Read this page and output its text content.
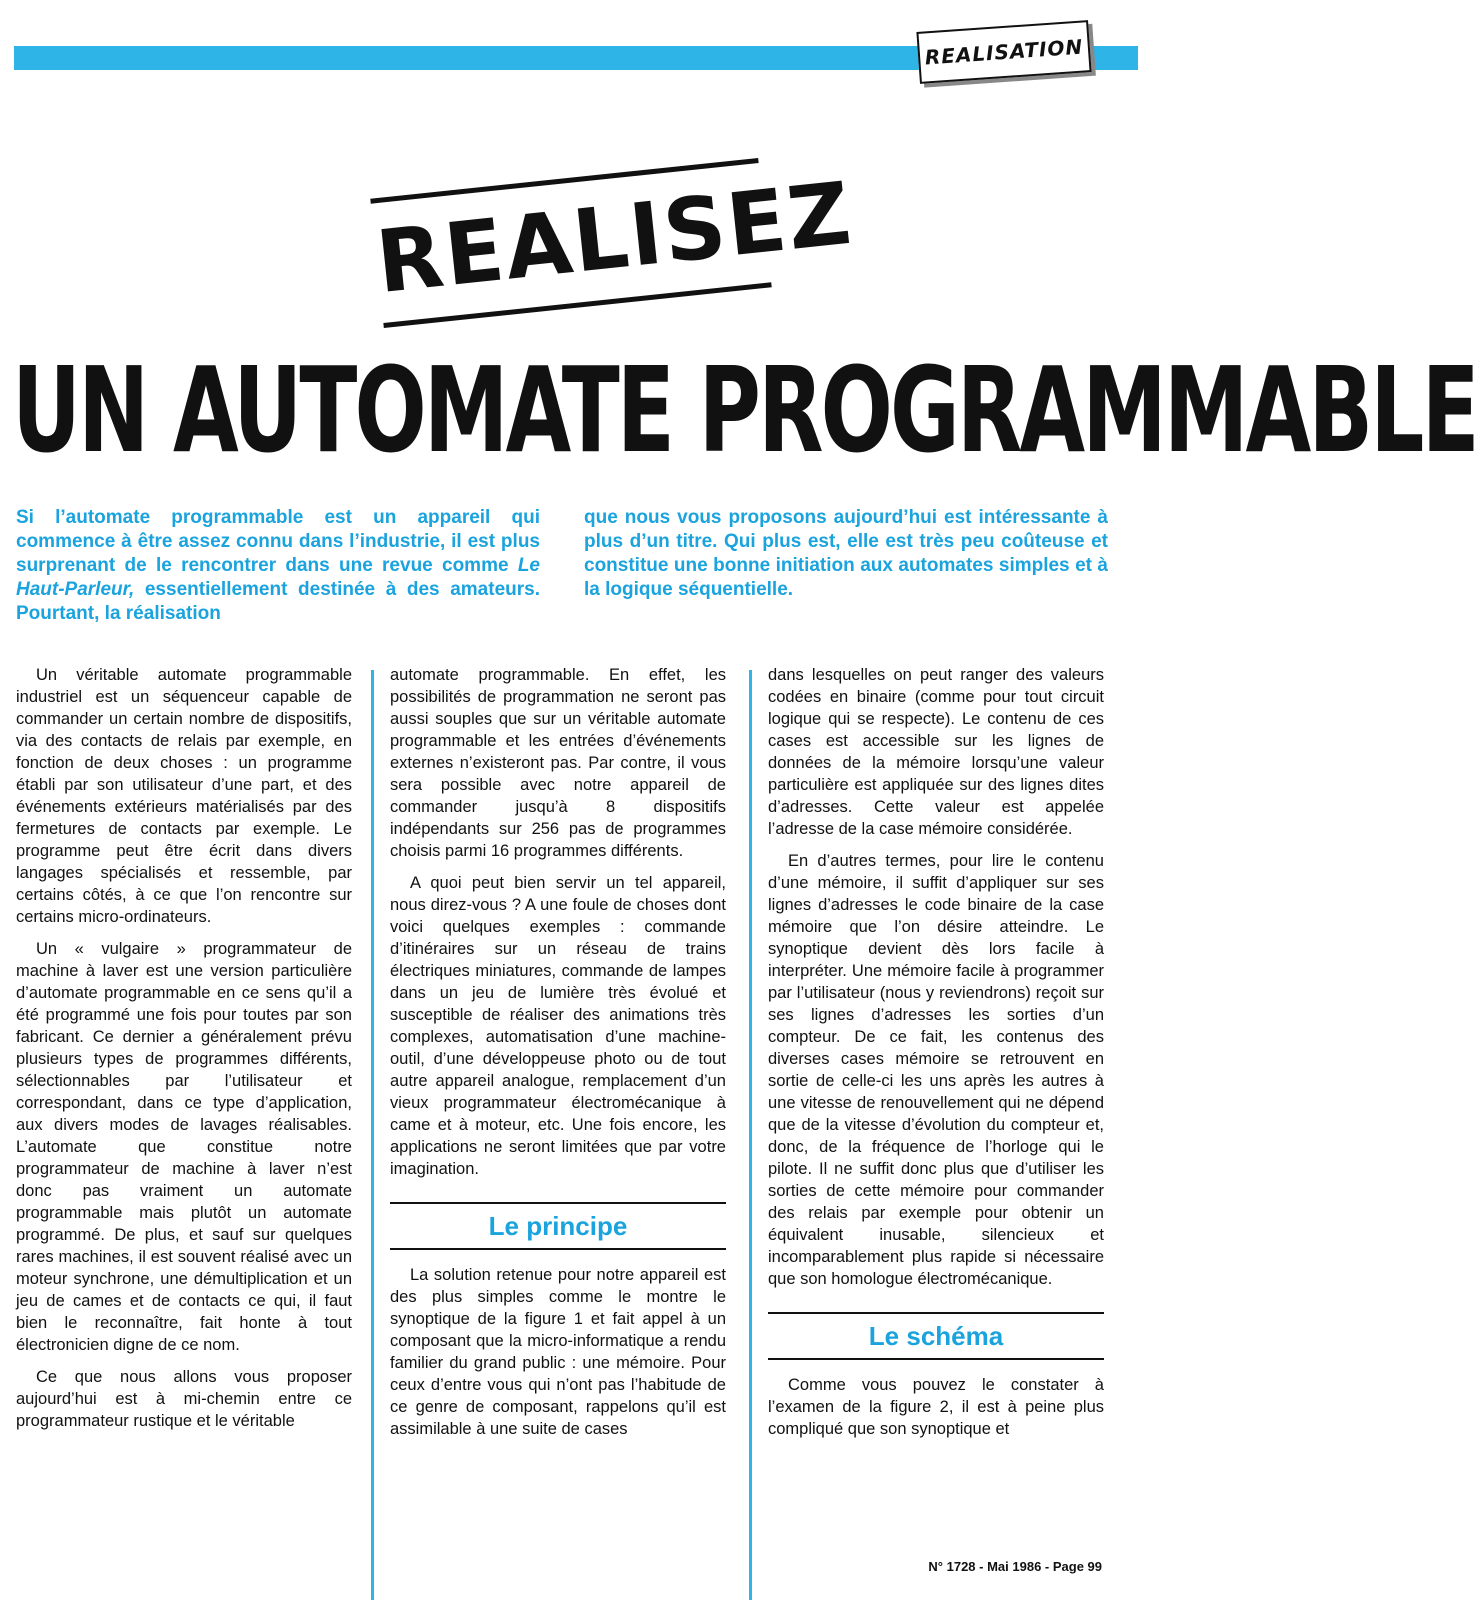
REALISATION
REALISEZ
UN AUTOMATE PROGRAMMABLE
Si l’automate programmable est un appareil qui commence à être assez connu dans l’industrie, il est plus surprenant de le rencontrer dans une revue comme Le Haut-Parleur, essentiellement destinée à des amateurs. Pourtant, la réalisation
que nous vous proposons aujourd’hui est intéressante à plus d’un titre. Qui plus est, elle est très peu coûteuse et constitue une bonne initiation aux automates simples et à la logique séquentielle.

Un véritable automate programmable industriel est un séquenceur capable de commander un certain nombre de dispositifs, via des contacts de relais par exemple, en fonction de deux choses : un programme établi par son utilisateur d’une part, et des événements extérieurs matérialisés par des fermetures de contacts par exemple. Le programme peut être écrit dans divers langages spécialisés et ressemble, par certains côtés, à ce que l’on rencontre sur certains micro-ordinateurs.

Un « vulgaire » programmateur de machine à laver est une version particulière d’automate programmable en ce sens qu’il a été programmé une fois pour toutes par son fabricant. Ce dernier a généralement prévu plusieurs types de programmes différents, sélectionnables par l’utilisateur et correspondant, dans ce type d’application, aux divers modes de lavages réalisables. L’automate que constitue notre programmateur de machine à laver n’est donc pas vraiment un automate programmable mais plutôt un automate programmé. De plus, et sauf sur quelques rares machines, il est souvent réalisé avec un moteur synchrone, une démultiplication et un jeu de cames et de contacts ce qui, il faut bien le reconnaître, fait honte à tout électronicien digne de ce nom.

Ce que nous allons vous proposer aujourd’hui est à mi-chemin entre ce programmateur rustique et le véritable

automate programmable. En effet, les possibilités de programmation ne seront pas aussi souples que sur un véritable automate programmable et les entrées d’événements externes n’existeront pas. Par contre, il vous sera possible avec notre appareil de commander jusqu’à 8 dispositifs indépendants sur 256 pas de programmes choisis parmi 16 programmes différents.

A quoi peut bien servir un tel appareil, nous direz-vous ? A une foule de choses dont voici quelques exemples : commande d’itinéraires sur un réseau de trains électriques miniatures, commande de lampes dans un jeu de lumière très évolué et susceptible de réaliser des animations très complexes, automatisation d’une machine-outil, d’une développeuse photo ou de tout autre appareil analogue, remplacement d’un vieux programmateur électromécanique à came et à moteur, etc. Une fois encore, les applications ne seront limitées que par votre imagination.

Le principe

La solution retenue pour notre appareil est des plus simples comme le montre le synoptique de la figure 1 et fait appel à un composant que la micro-informatique a rendu familier du grand public : une mémoire. Pour ceux d’entre vous qui n’ont pas l’habitude de ce genre de composant, rappelons qu’il est assimilable à une suite de cases

dans lesquelles on peut ranger des valeurs codées en binaire (comme pour tout circuit logique qui se respecte). Le contenu de ces cases est accessible sur les lignes de données de la mémoire lorsqu’une valeur particulière est appliquée sur des lignes dites d’adresses. Cette valeur est appelée l’adresse de la case mémoire considérée.

En d’autres termes, pour lire le contenu d’une mémoire, il suffit d’appliquer sur ses lignes d’adresses le code binaire de la case mémoire que l’on désire atteindre. Le synoptique devient dès lors facile à interpréter. Une mémoire facile à programmer par l’utilisateur (nous y reviendrons) reçoit sur ses lignes d’adresses les sorties d’un compteur. De ce fait, les contenus des diverses cases mémoire se retrouvent en sortie de celle-ci les uns après les autres à une vitesse de renouvellement qui ne dépend que de la vitesse d’évolution du compteur et, donc, de la fréquence de l’horloge qui le pilote. Il ne suffit donc plus que d’utiliser les sorties de cette mémoire pour commander des relais par exemple pour obtenir un équivalent inusable, silencieux et incomparablement plus rapide si nécessaire que son homologue électromécanique.

Le schéma

Comme vous pouvez le constater à l’examen de la figure 2, il est à peine plus compliqué que son synoptique et

N° 1728 - Mai 1986 - Page 99
